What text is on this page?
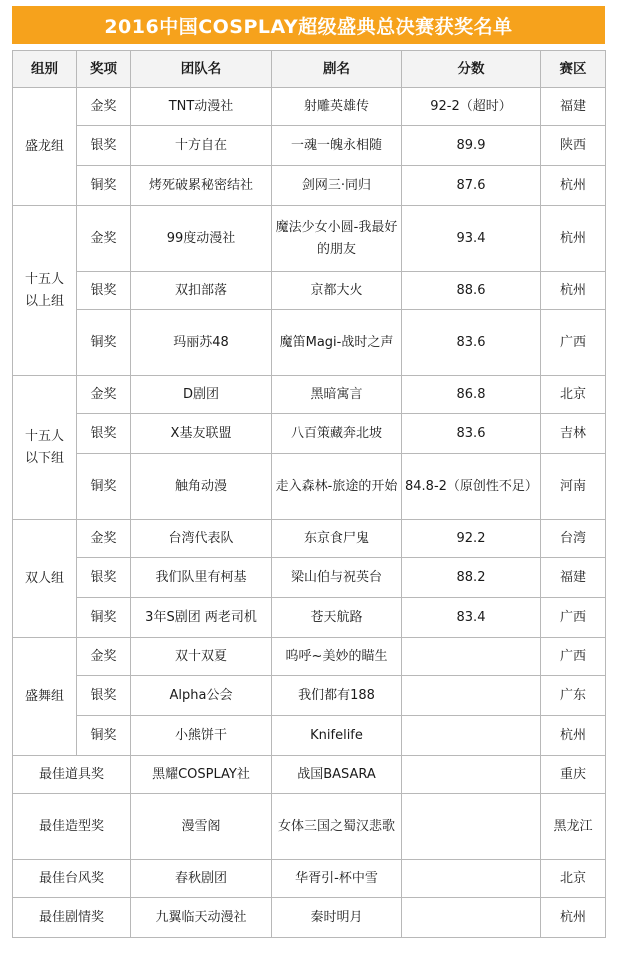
2016中国COSPLAY超级盛典总决赛获奖名单
组别	奖项	团队名	剧名	分数	赛区
盛龙组	金奖	TNT动漫社	射雕英雄传	92-2（超时）	福建
	银奖	十方自在	一魂一魄永相随	89.9	陕西
	铜奖	烤死破累秘密结社	剑网三·同归	87.6	杭州
十五人以上组	金奖	99度动漫社	魔法少女小圆-我最好的朋友	93.4	杭州
	银奖	双扣部落	京都大火	88.6	杭州
	铜奖	玛丽苏48	魔笛Magi-战时之声	83.6	广西
十五人以下组	金奖	D剧团	黑暗寓言	86.8	北京
	银奖	X基友联盟	八百策藏奔北坡	83.6	吉林
	铜奖	触角动漫	走入森林-旅途的开始	84.8-2（原创性不足）	河南
双人组	金奖	台湾代表队	东京食尸鬼	92.2	台湾
	银奖	我们队里有柯基	梁山伯与祝英台	88.2	福建
	铜奖	3年S剧团 两老司机	苍天航路	83.4	广西
盛舞组	金奖	双十双夏	呜呼~美妙的瞄生		广西
	银奖	Alpha公会	我们都有188		广东
	铜奖	小熊饼干	Knifelife		杭州
最佳道具奖		黑耀COSPLAY社	战国BASARA		重庆
最佳造型奖		漫雪阁	女体三国之蜀汉悲歌		黑龙江
最佳台风奖		春秋剧团	华胥引-杯中雪		北京
最佳剧情奖		九翼临天动漫社	秦时明月		杭州
